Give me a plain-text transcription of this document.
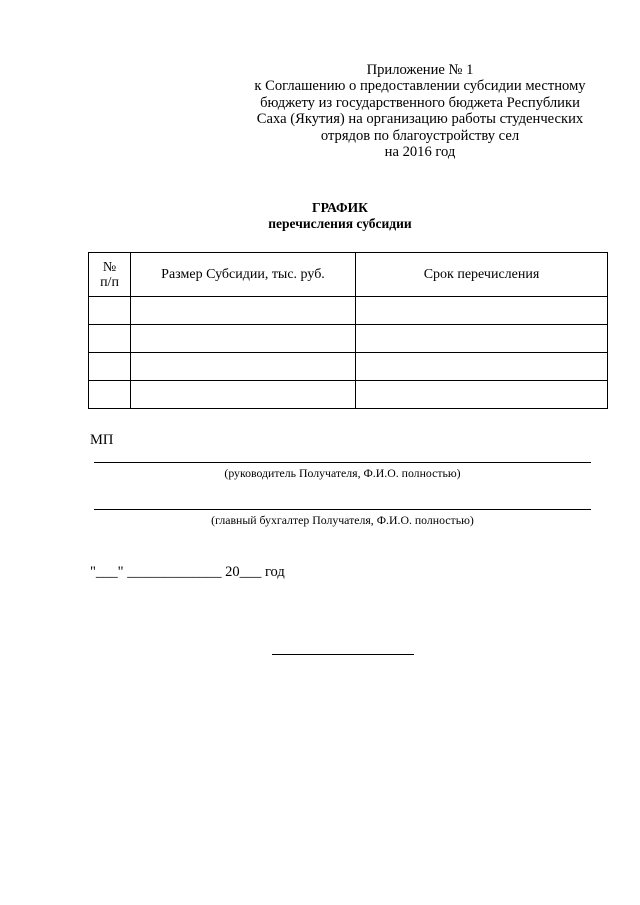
Приложение № 1
к Соглашению о предоставлении субсидии местному
бюджету из государственного бюджета Республики
Саха (Якутия) на организацию работы студенческих
отрядов по благоустройству сел
на 2016 год
ГРАФИК
перечисления субсидии
№
п/п	Размер Субсидии, тыс. руб.	Срок перечисления

МП
(руководитель Получателя, Ф.И.О. полностью)
(главный бухгалтер Получателя, Ф.И.О. полностью)
"___" _____________ 20___ год
